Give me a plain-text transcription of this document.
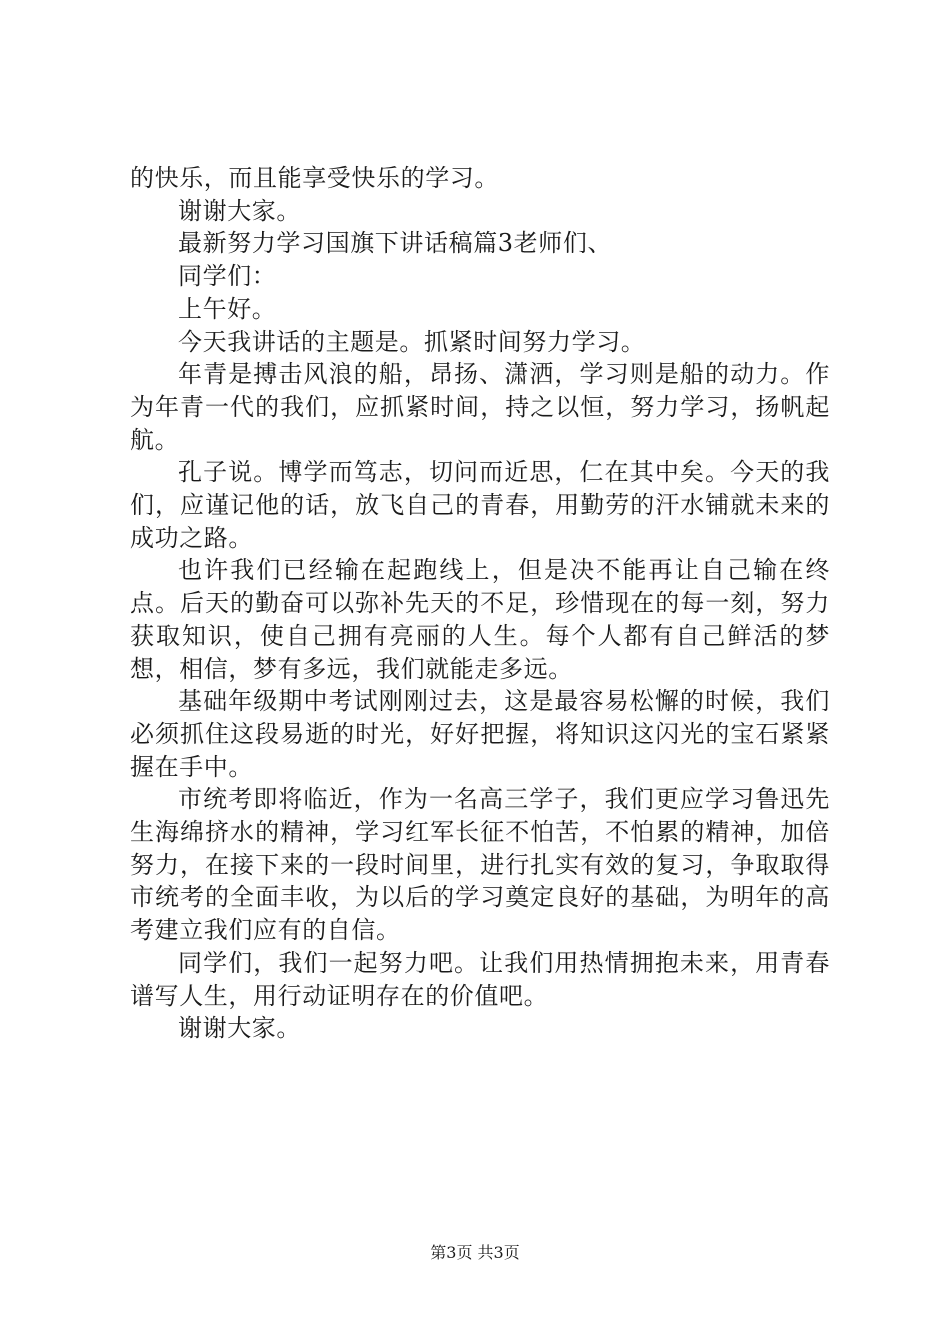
的快乐，而且能享受快乐的学习。

谢谢大家。

最新努力学习国旗下讲话稿篇3老师们、

同学们：

上午好。

今天我讲话的主题是。抓紧时间努力学习。

年青是搏击风浪的船，昂扬、潇洒，学习则是船的动力。作为年青一代的我们，应抓紧时间，持之以恒，努力学习，扬帆起航。

孔子说。博学而笃志，切问而近思，仁在其中矣。今天的我们，应谨记他的话，放飞自己的青春，用勤劳的汗水铺就未来的成功之路。

也许我们已经输在起跑线上，但是决不能再让自己输在终点。后天的勤奋可以弥补先天的不足，珍惜现在的每一刻，努力获取知识，使自己拥有亮丽的人生。每个人都有自己鲜活的梦想，相信，梦有多远，我们就能走多远。

基础年级期中考试刚刚过去，这是最容易松懈的时候，我们必须抓住这段易逝的时光，好好把握，将知识这闪光的宝石紧紧握在手中。

市统考即将临近，作为一名高三学子，我们更应学习鲁迅先生海绵挤水的精神，学习红军长征不怕苦，不怕累的精神，加倍努力，在接下来的一段时间里，进行扎实有效的复习，争取取得市统考的全面丰收，为以后的学习奠定良好的基础，为明年的高考建立我们应有的自信。

同学们，我们一起努力吧。让我们用热情拥抱未来，用青春谱写人生，用行动证明存在的价值吧。

谢谢大家。

第3页 共3页
